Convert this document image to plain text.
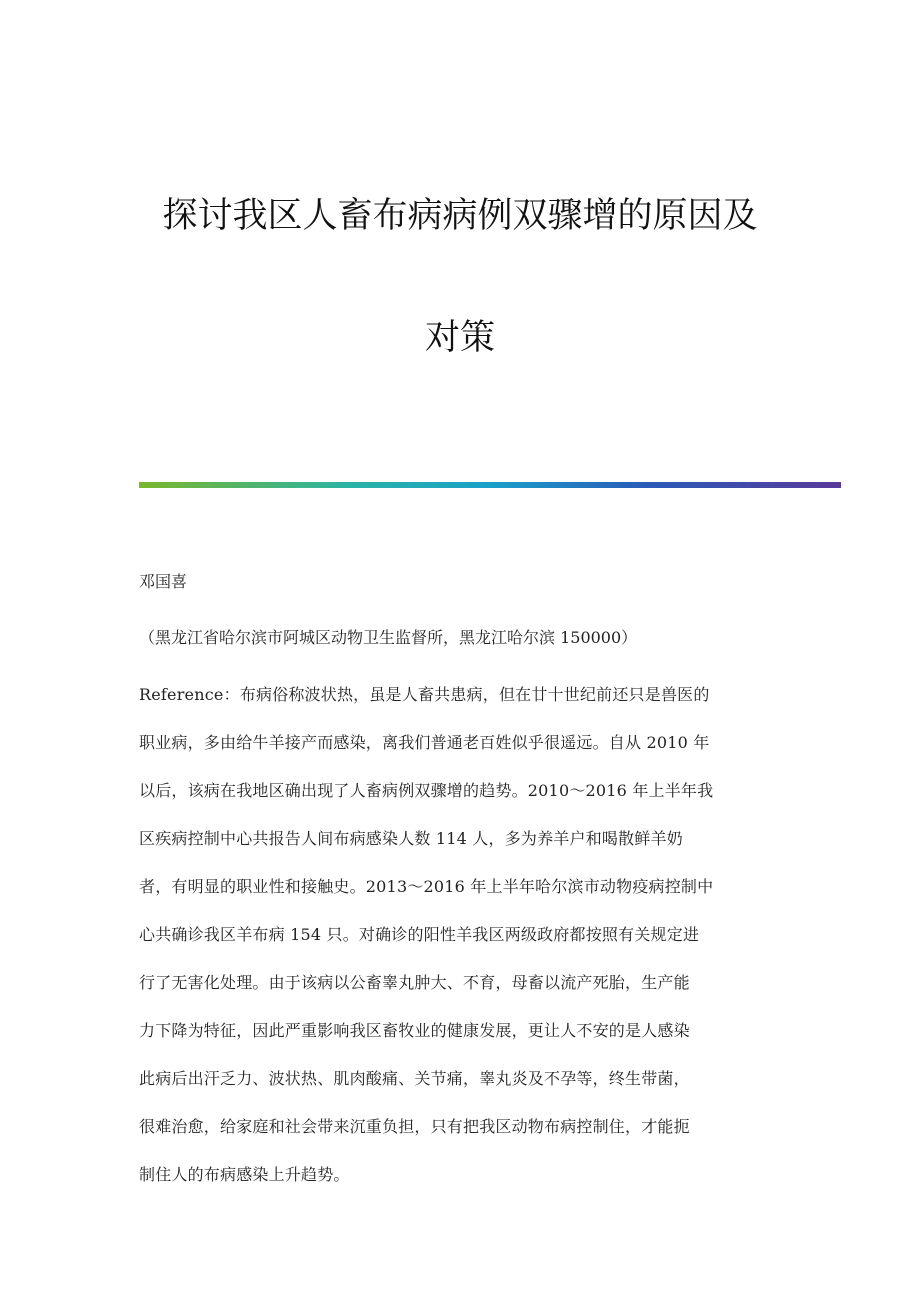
探讨我区人畜布病病例双骤增的原因及
对策
邓国喜
（黑龙江省哈尔滨市阿城区动物卫生监督所，黑龙江哈尔滨 150000）
Reference：布病俗称波状热，虽是人畜共患病，但在廿十世纪前还只是兽医的
职业病，多由给牛羊接产而感染，离我们普通老百姓似乎很遥远。自从 2010 年
以后，该病在我地区确出现了人畜病例双骤增的趋势。2010～2016 年上半年我
区疾病控制中心共报告人间布病感染人数 114 人，多为养羊户和喝散鲜羊奶
者，有明显的职业性和接触史。2013～2016 年上半年哈尔滨市动物疫病控制中
心共确诊我区羊布病 154 只。对确诊的阳性羊我区两级政府都按照有关规定进
行了无害化处理。由于该病以公畜睾丸肿大、不育，母畜以流产死胎，生产能
力下降为特征，因此严重影响我区畜牧业的健康发展，更让人不安的是人感染
此病后出汗乏力、波状热、肌肉酸痛、关节痛，睾丸炎及不孕等，终生带菌，
很难治愈，给家庭和社会带来沉重负担，只有把我区动物布病控制住，才能扼
制住人的布病感染上升趋势。
